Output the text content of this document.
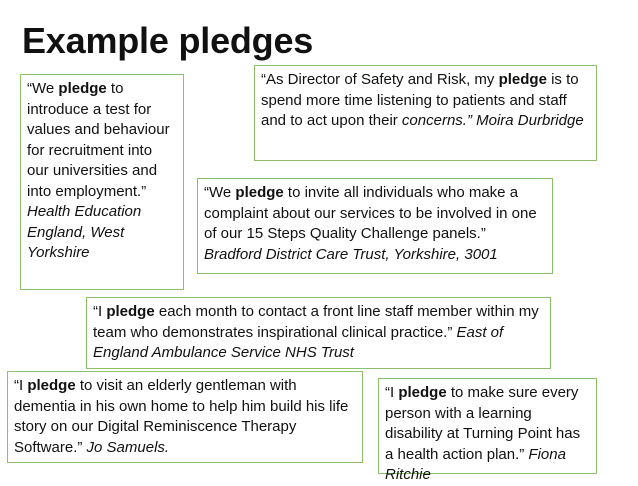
Example pledges
“We pledge to introduce a test for values and behaviour for recruitment into our universities and into employment.” Health Education England, West Yorkshire
“As Director of Safety and Risk, my pledge is to spend more time listening to patients and staff and to act upon their concerns.” Moira Durbridge
“We pledge to invite all individuals who make a complaint about our services to be involved in one of our 15 Steps Quality Challenge panels.” Bradford District Care Trust, Yorkshire, 3001
“I pledge each month to contact a front line staff member within my team who demonstrates inspirational clinical practice.” East of England Ambulance Service NHS Trust
“I pledge to visit an elderly gentleman with dementia in his own home to help him build his life story on our Digital Reminiscence Therapy Software.” Jo Samuels.
“I pledge to make sure every person with a learning disability at Turning Point has a health action plan.” Fiona Ritchie
